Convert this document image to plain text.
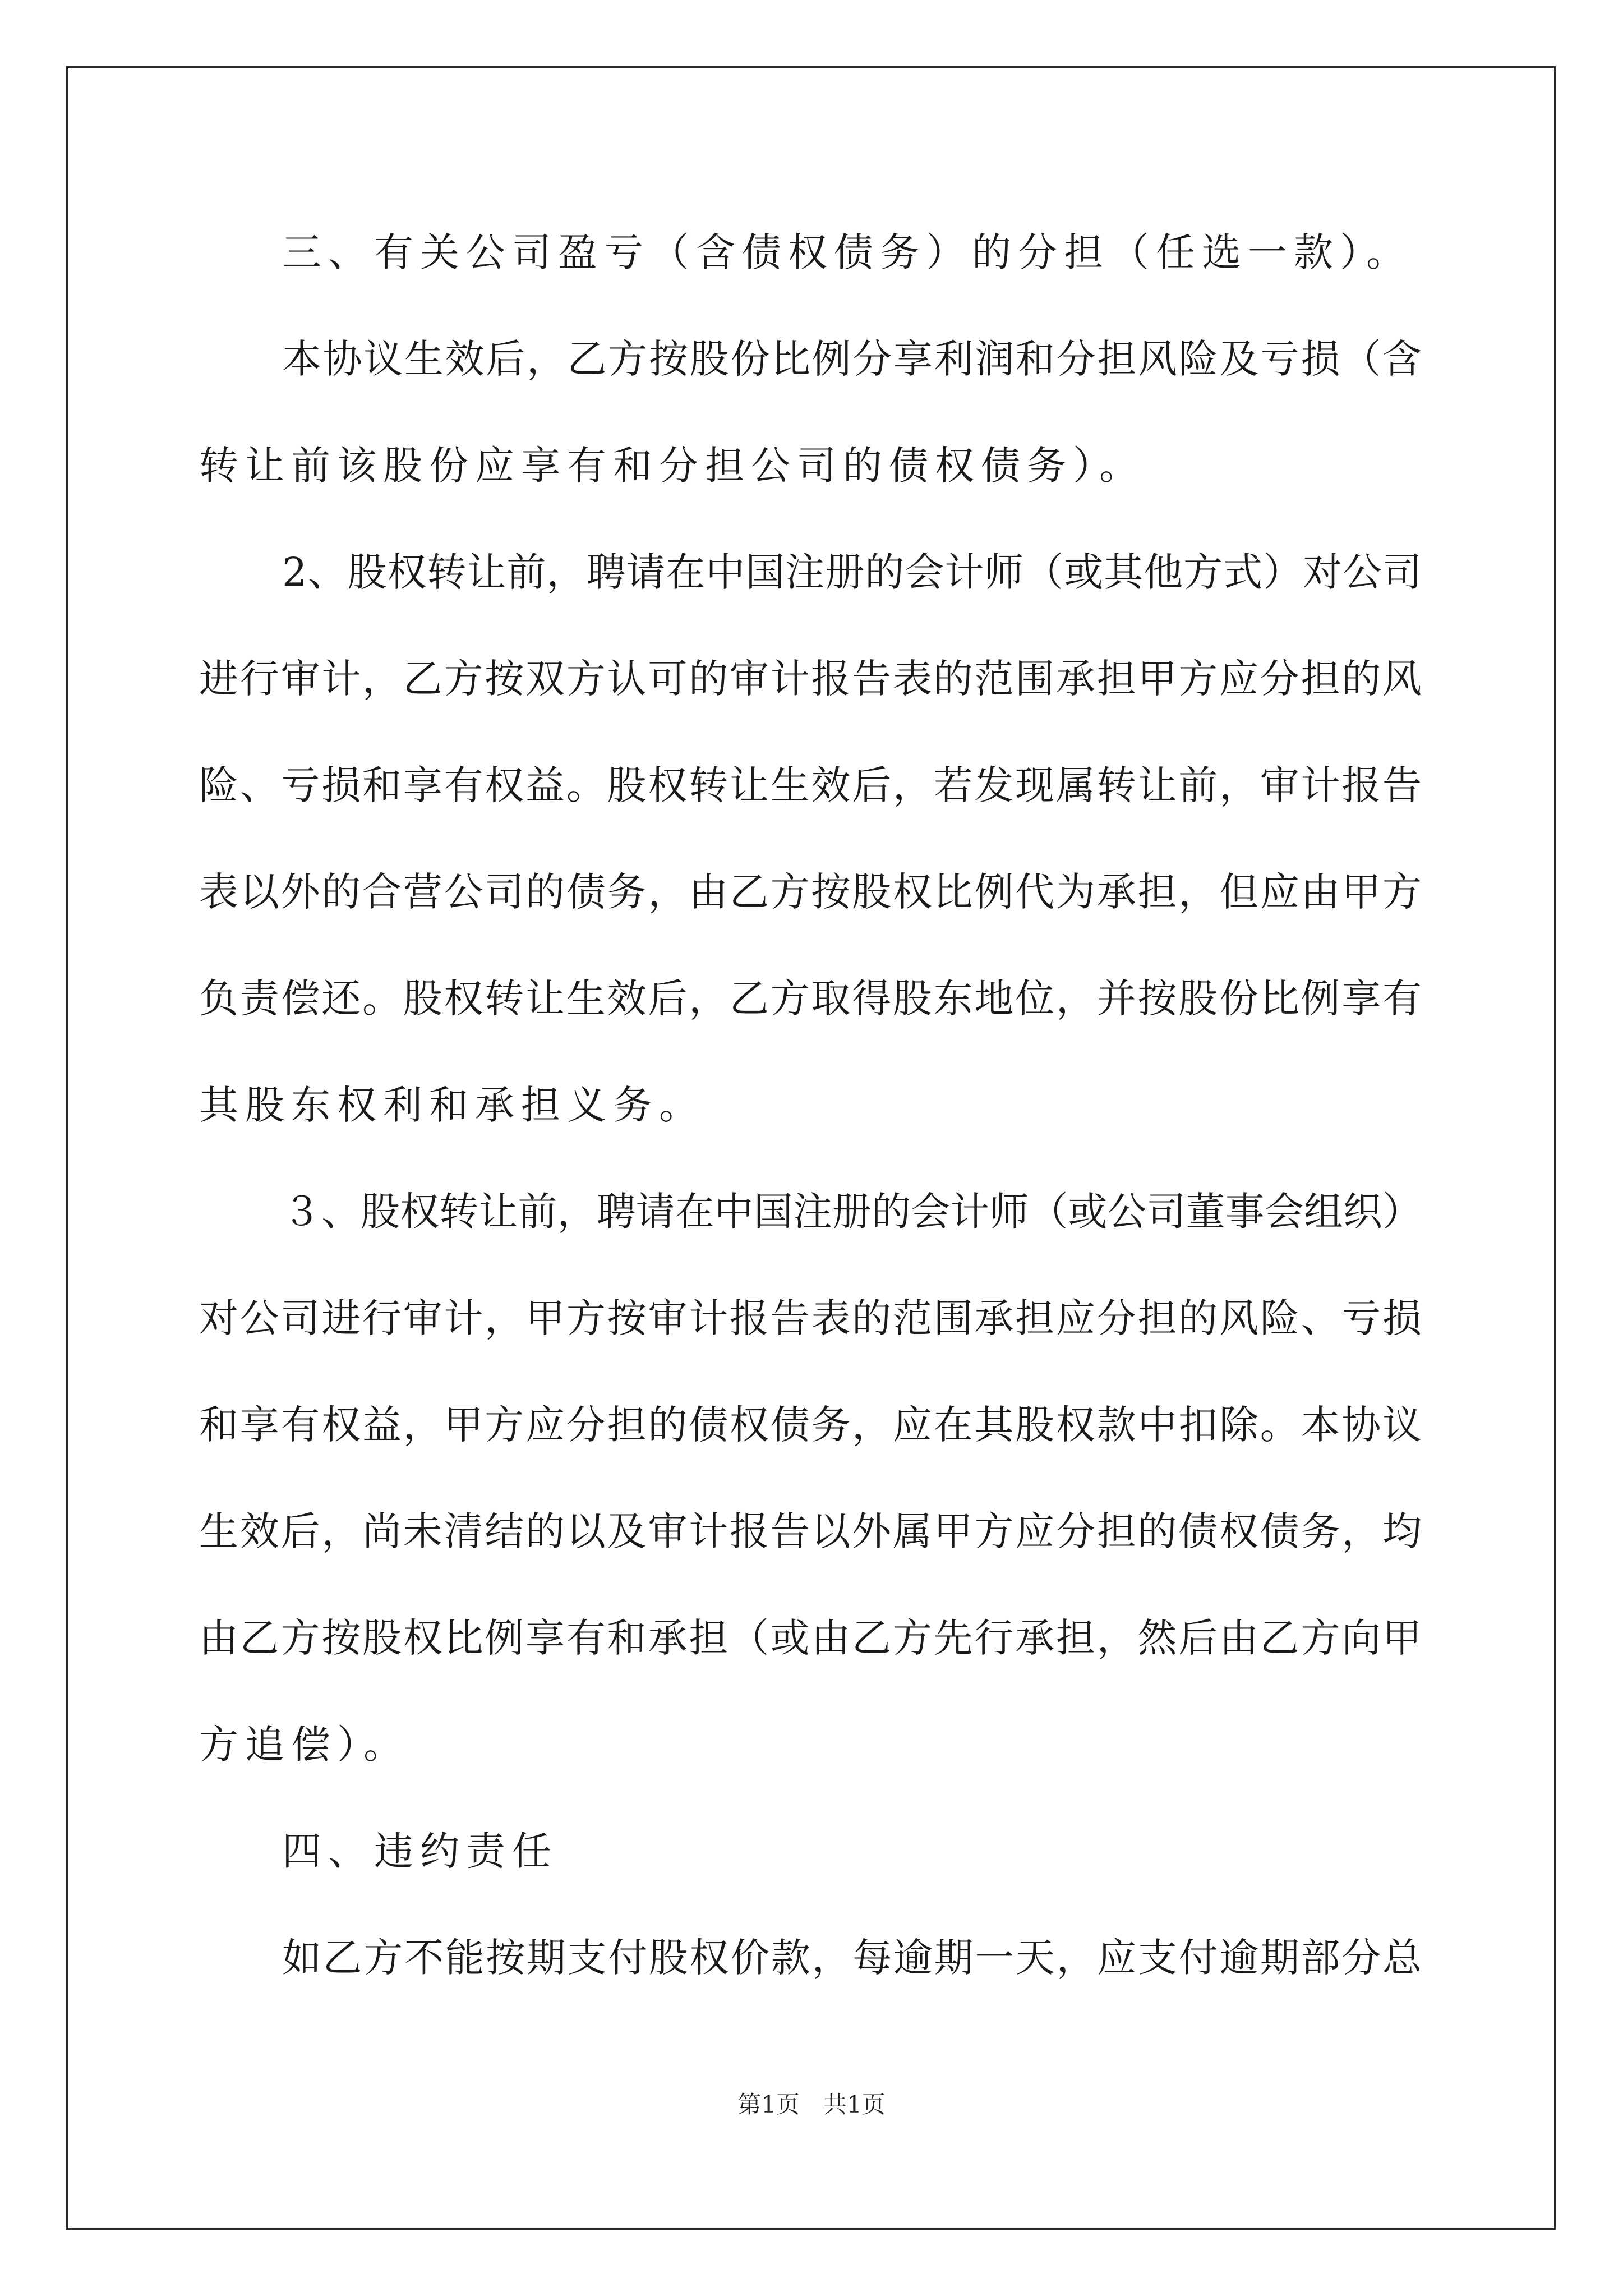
三、有关公司盈亏（含债权债务）的分担（任选一款）。
本协议生效后，乙方按股份比例分享利润和分担风险及亏损（含
转让前该股份应享有和分担公司的债权债务）。
2、股权转让前，聘请在中国注册的会计师（或其他方式）对公司
进行审计，乙方按双方认可的审计报告表的范围承担甲方应分担的风
险、亏损和享有权益。股权转让生效后，若发现属转让前，审计报告
表以外的合营公司的债务，由乙方按股权比例代为承担，但应由甲方
负责偿还。股权转让生效后，乙方取得股东地位，并按股份比例享有
其股东权利和承担义务。
３、股权转让前，聘请在中国注册的会计师（或公司董事会组织）
对公司进行审计，甲方按审计报告表的范围承担应分担的风险、亏损
和享有权益，甲方应分担的债权债务，应在其股权款中扣除。本协议
生效后，尚未清结的以及审计报告以外属甲方应分担的债权债务，均
由乙方按股权比例享有和承担（或由乙方先行承担，然后由乙方向甲
方追偿）。
四、违约责任
如乙方不能按期支付股权价款，每逾期一天，应支付逾期部分总
第1页　共1页
